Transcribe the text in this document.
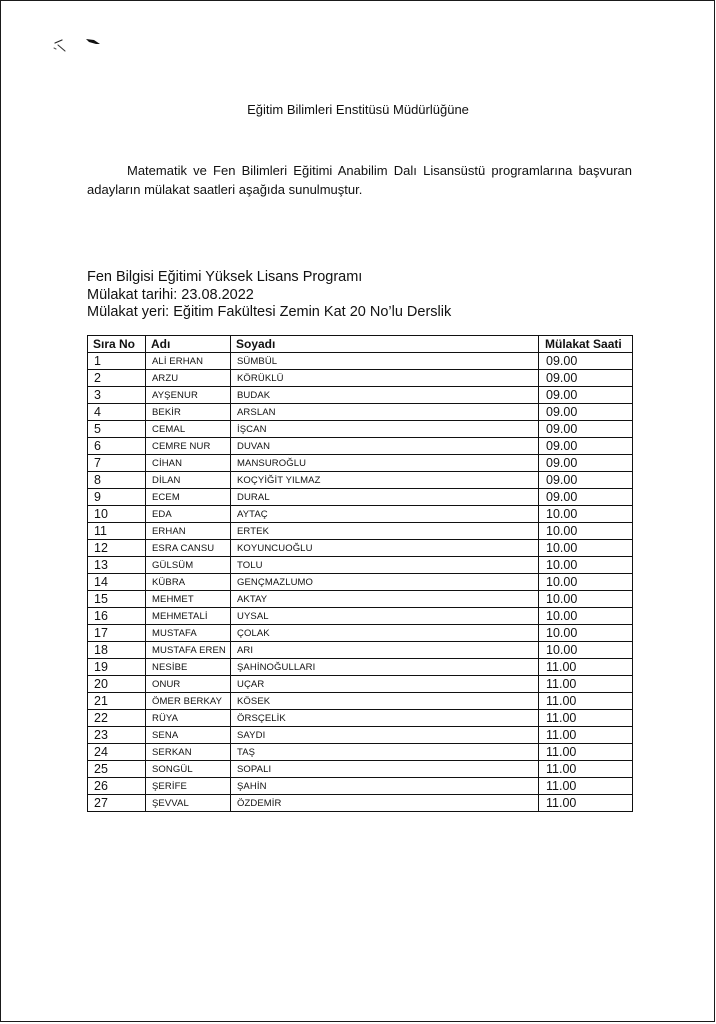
Eğitim Bilimleri Enstitüsü Müdürlüğüne
Matematik ve Fen Bilimleri Eğitimi Anabilim Dalı Lisansüstü programlarına başvuran
adayların mülakat saatleri aşağıda sunulmuştur.
Fen Bilgisi Eğitimi Yüksek Lisans Programı
Mülakat tarihi: 23.08.2022
Mülakat yeri: Eğitim Fakültesi Zemin Kat 20 No’lu Derslik
Sıra No	Adı	Soyadı	Mülakat Saati
1	ALİ ERHAN	SÜMBÜL	09.00
2	ARZU	KÖRÜKLÜ	09.00
3	AYŞENUR	BUDAK	09.00
4	BEKİR	ARSLAN	09.00
5	CEMAL	İŞCAN	09.00
6	CEMRE NUR	DUVAN	09.00
7	CİHAN	MANSUROĞLU	09.00
8	DİLAN	KOÇYİĞİT YILMAZ	09.00
9	ECEM	DURAL	09.00
10	EDA	AYTAÇ	10.00
11	ERHAN	ERTEK	10.00
12	ESRA CANSU	KOYUNCUOĞLU	10.00
13	GÜLSÜM	TOLU	10.00
14	KÜBRA	GENÇMAZLUMO	10.00
15	MEHMET	AKTAY	10.00
16	MEHMETALİ	UYSAL	10.00
17	MUSTAFA	ÇOLAK	10.00
18	MUSTAFA EREN	ARI	10.00
19	NESİBE	ŞAHİNOĞULLARI	11.00
20	ONUR	UÇAR	11.00
21	ÖMER BERKAY	KÖSEK	11.00
22	RÜYA	ÖRSÇELİK	11.00
23	SENA	SAYDI	11.00
24	SERKAN	TAŞ	11.00
25	SONGÜL	SOPALI	11.00
26	ŞERİFE	ŞAHİN	11.00
27	ŞEVVAL	ÖZDEMİR	11.00
